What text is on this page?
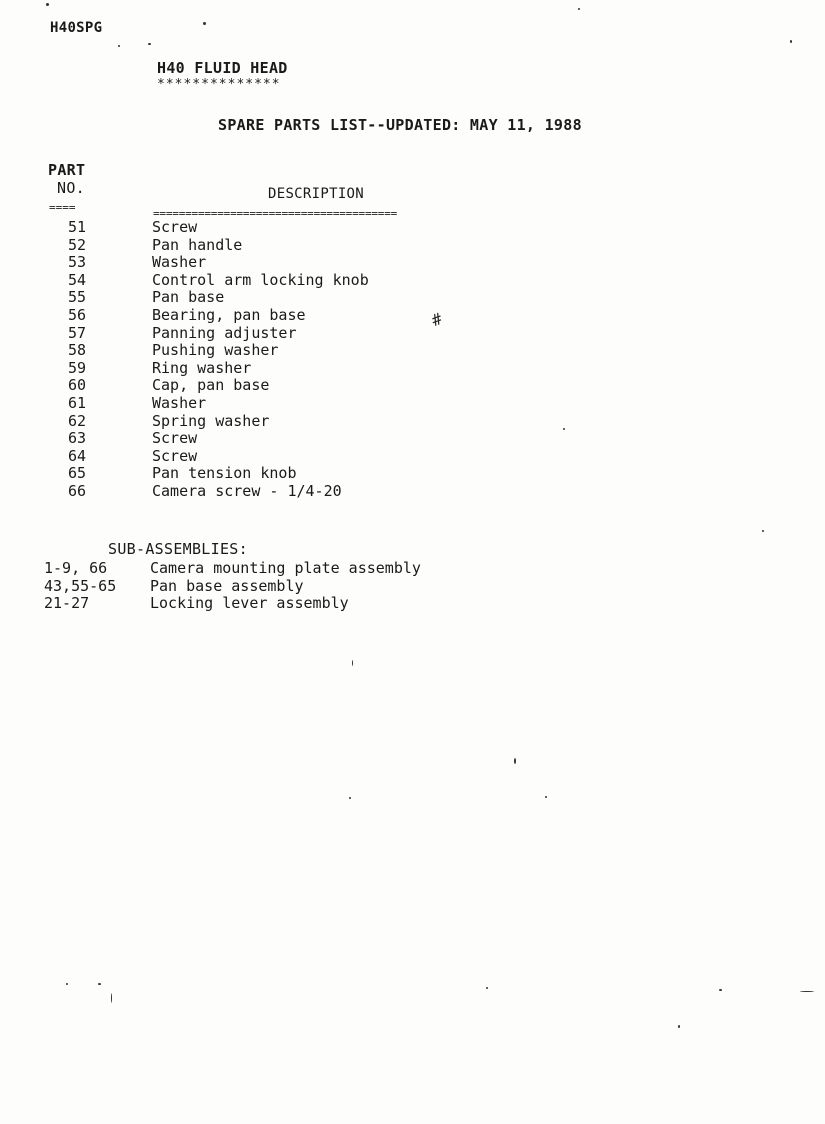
H40SPG
H40 FLUID HEAD
**************
SPARE PARTS LIST--UPDATED: MAY 11, 1988
PART
NO.	DESCRIPTION
====	======================================
51	Screw
52	Pan handle
53	Washer
54	Control arm locking knob
55	Pan base
56	Bearing, pan base
57	Panning adjuster
58	Pushing washer
59	Ring washer
60	Cap, pan base
61	Washer
62	Spring washer
63	Screw
64	Screw
65	Pan tension knob
66	Camera screw - 1/4-20
SUB-ASSEMBLIES:
1-9, 66	Camera mounting plate assembly
43,55-65 Pan base assembly
21-27	Locking lever assembly
#
